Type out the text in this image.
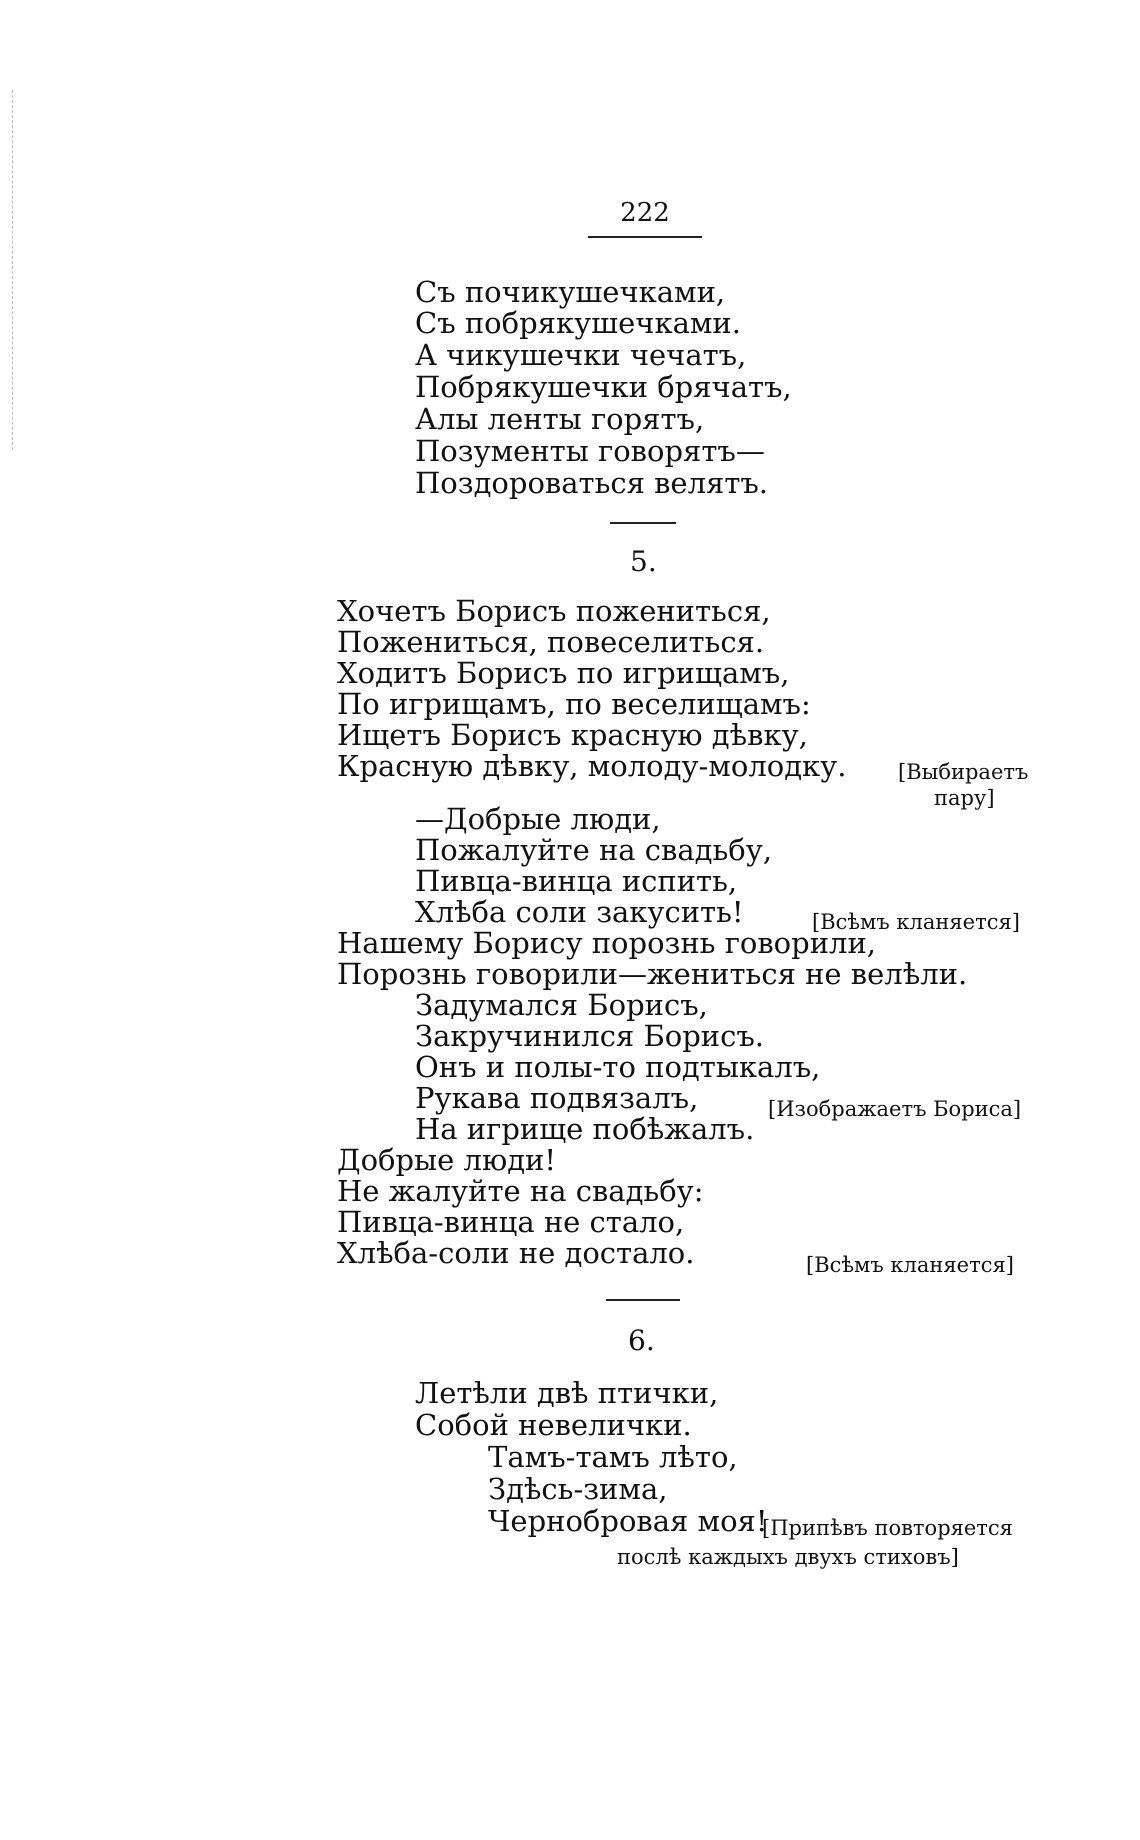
222
Съ почикушечками,
Съ побрякушечками.
А чикушечки чечатъ,
Побрякушечки брячатъ,
Алы ленты горятъ,
Позументы говорятъ—
Поздороваться велятъ.
5.
Хочетъ Борисъ пожениться,
Пожениться, повеселиться.
Ходитъ Борисъ по игрищамъ,
По игрищамъ, по веселищамъ:
Ищетъ Борисъ красную дѣвку,
Красную дѣвку, молоду-молодку. [Выбираетъ
пару]
—Добрые люди,
Пожалуйте на свадьбу,
Пивца-винца испить,
Хлѣба соли закусить!	[Всѣмъ кланяется]
Нашему Борису порознь говорили,
Порознь говорили—жениться не велѣли.
Задумался Борисъ,
Закручинился Борисъ.
Онъ и полы-то подтыкалъ,
Рукава подвязалъ,	[Изображаетъ Бориса]
На игрище побѣжалъ.
Добрые люди!
Не жалуйте на свадьбу:
Пивца-винца не стало,
Хлѣба-соли не достало.	[Всѣмъ кланяется]
6.
Летѣли двѣ птички,
Собой невелички.
Тамъ-тамъ лѣто,
Здѣсь-зима,
Чернобровая моя!
[Припѣвъ повторяется
послѣ каждыхъ двухъ стиховъ]
